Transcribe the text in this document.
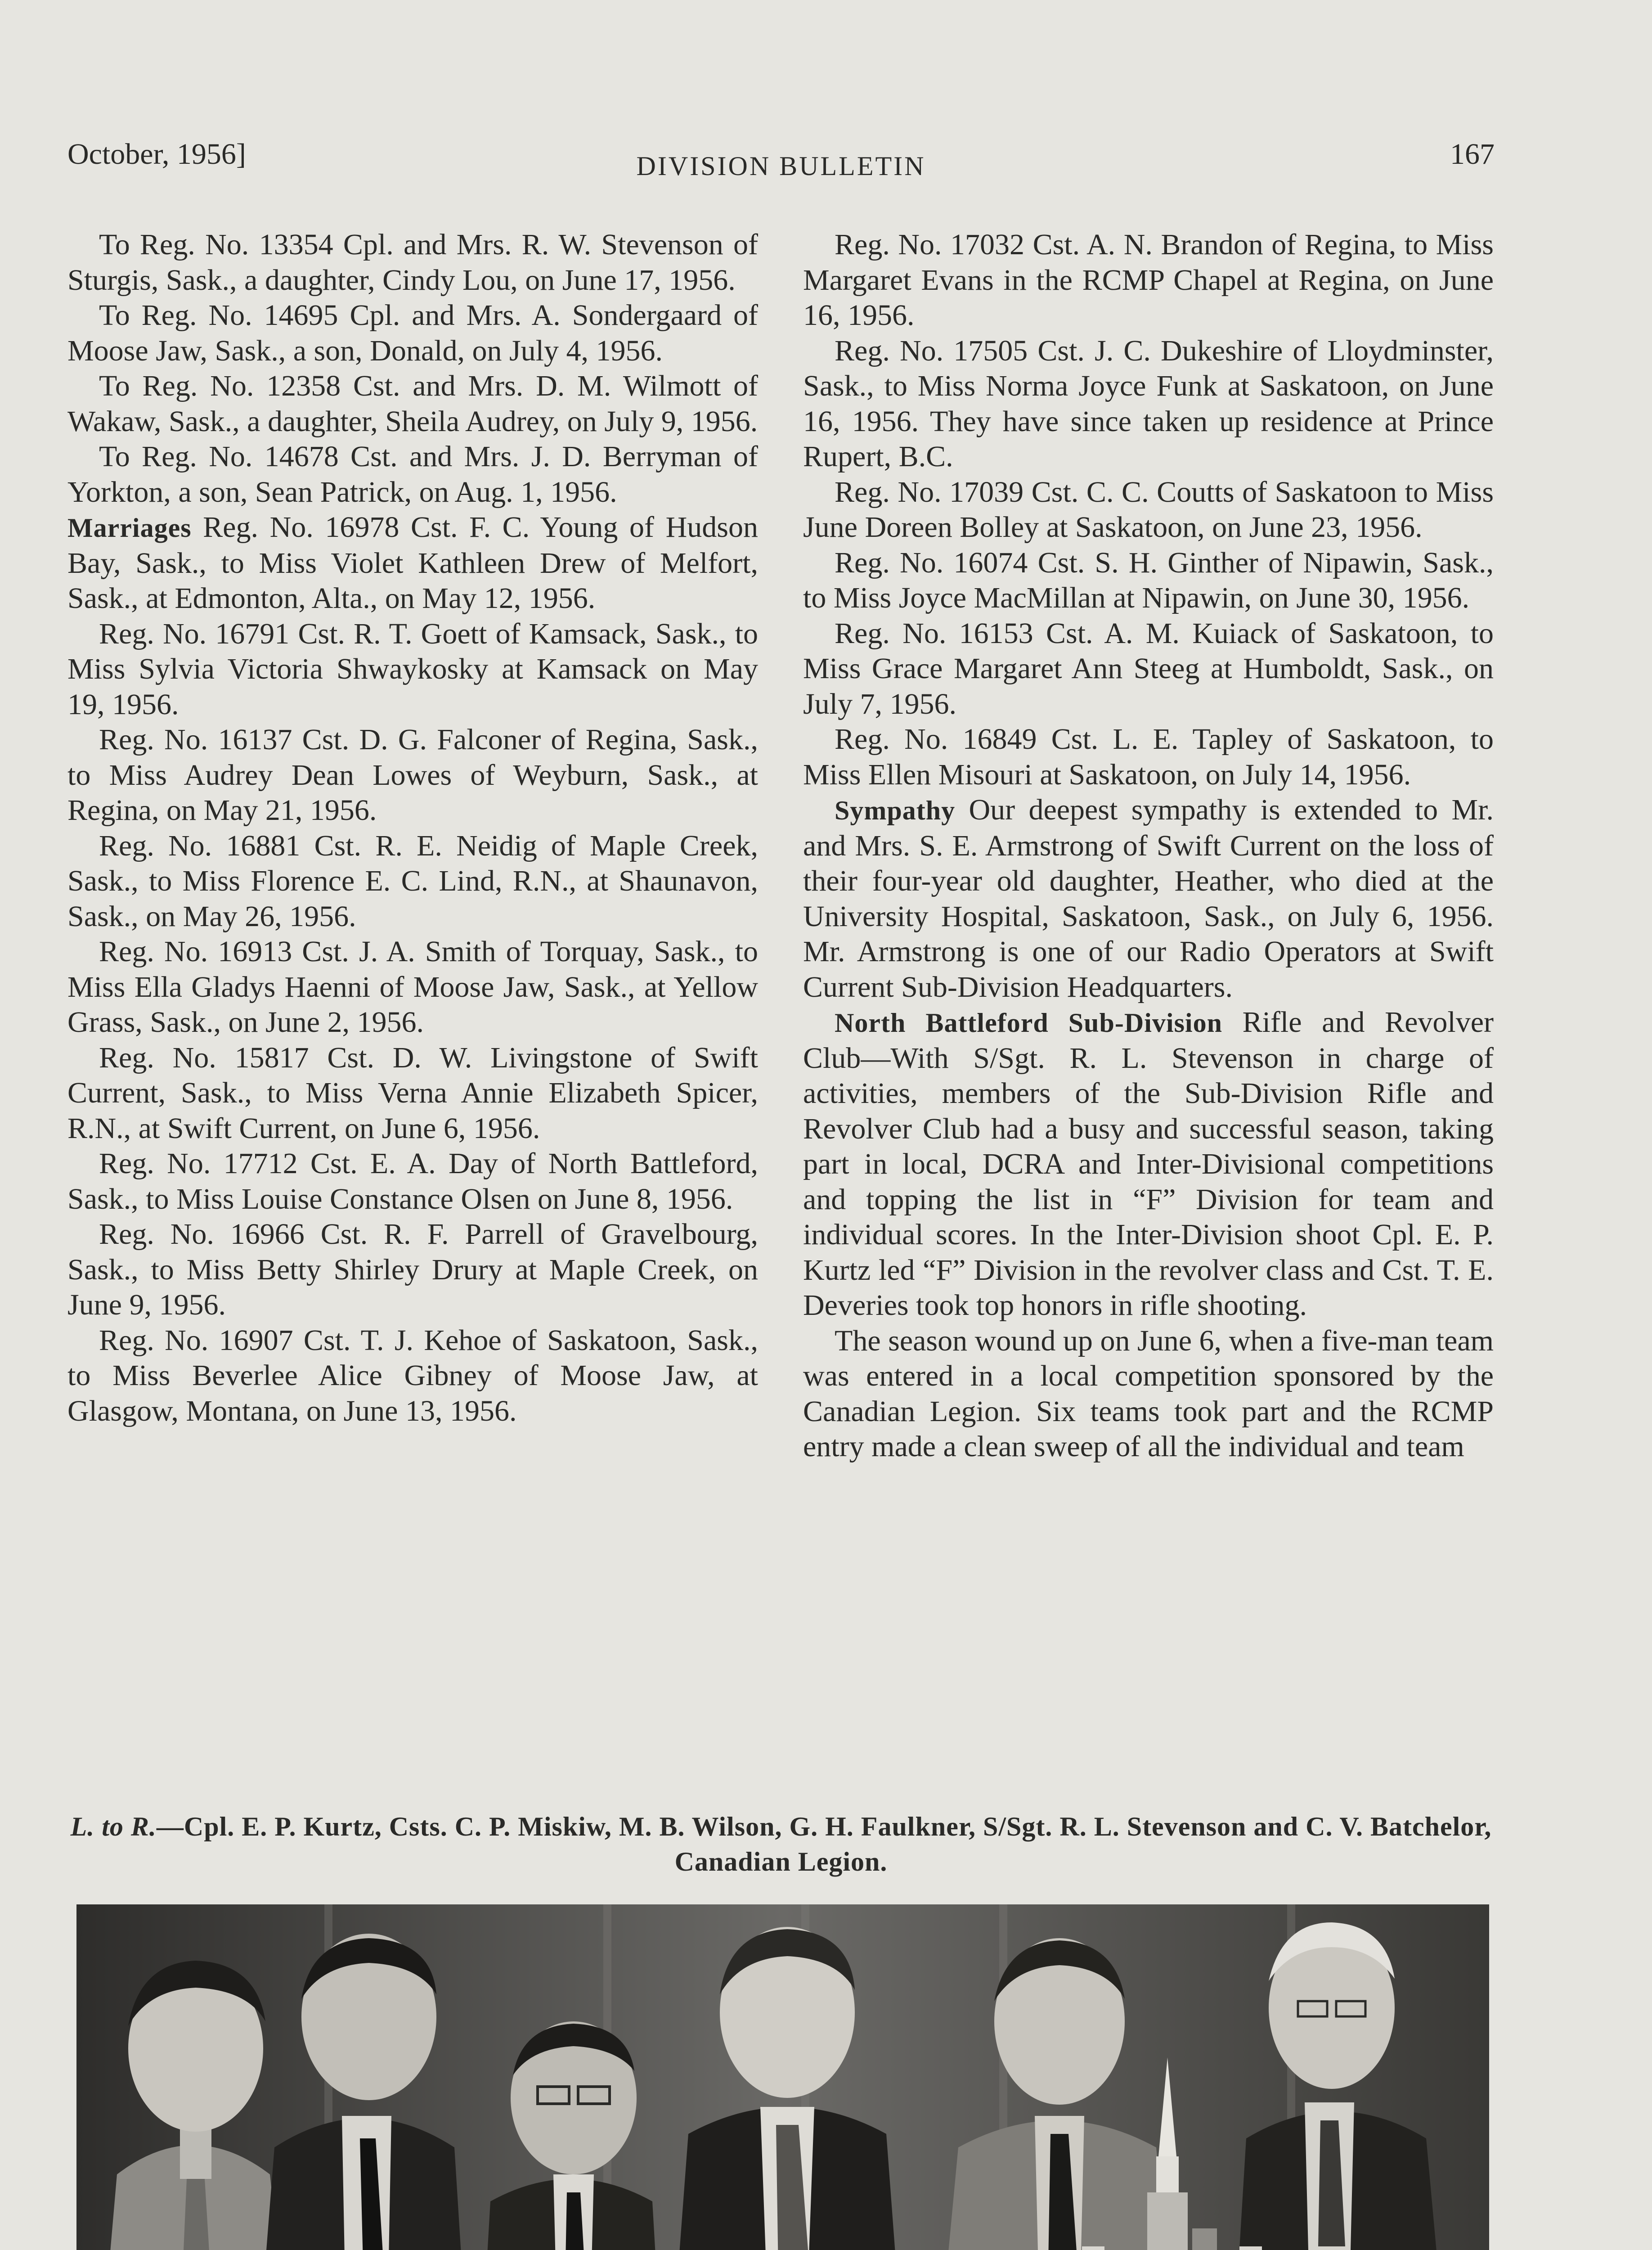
October, 1956]	DIVISION BULLETIN	167

To Reg. No. 13354 Cpl. and Mrs. R. W. Stevenson of Sturgis, Sask., a daughter, Cindy Lou, on June 17, 1956.

To Reg. No. 14695 Cpl. and Mrs. A. Sondergaard of Moose Jaw, Sask., a son, Donald, on July 4, 1956.

To Reg. No. 12358 Cst. and Mrs. D. M. Wilmott of Wakaw, Sask., a daughter, Sheila Audrey, on July 9, 1956.

To Reg. No. 14678 Cst. and Mrs. J. D. Berryman of Yorkton, a son, Sean Patrick, on Aug. 1, 1956.

Marriages Reg. No. 16978 Cst. F. C. Young of Hudson Bay, Sask., to Miss Violet Kathleen Drew of Melfort, Sask., at Edmonton, Alta., on May 12, 1956.

Reg. No. 16791 Cst. R. T. Goett of Kamsack, Sask., to Miss Sylvia Victoria Shwaykosky at Kamsack on May 19, 1956.

Reg. No. 16137 Cst. D. G. Falconer of Regina, Sask., to Miss Audrey Dean Lowes of Weyburn, Sask., at Regina, on May 21, 1956.

Reg. No. 16881 Cst. R. E. Neidig of Maple Creek, Sask., to Miss Florence E. C. Lind, R.N., at Shaunavon, Sask., on May 26, 1956.

Reg. No. 16913 Cst. J. A. Smith of Torquay, Sask., to Miss Ella Gladys Haenni of Moose Jaw, Sask., at Yellow Grass, Sask., on June 2, 1956.

Reg. No. 15817 Cst. D. W. Livingstone of Swift Current, Sask., to Miss Verna Annie Elizabeth Spicer, R.N., at Swift Current, on June 6, 1956.

Reg. No. 17712 Cst. E. A. Day of North Battleford, Sask., to Miss Louise Constance Olsen on June 8, 1956.

Reg. No. 16966 Cst. R. F. Parrell of Gravelbourg, Sask., to Miss Betty Shirley Drury at Maple Creek, on June 9, 1956.

Reg. No. 16907 Cst. T. J. Kehoe of Saskatoon, Sask., to Miss Beverlee Alice Gibney of Moose Jaw, at Glasgow, Montana, on June 13, 1956.

Reg. No. 17032 Cst. A. N. Brandon of Regina, to Miss Margaret Evans in the RCMP Chapel at Regina, on June 16, 1956.

Reg. No. 17505 Cst. J. C. Dukeshire of Lloydminster, Sask., to Miss Norma Joyce Funk at Saskatoon, on June 16, 1956. They have since taken up residence at Prince Rupert, B.C.

Reg. No. 17039 Cst. C. C. Coutts of Saskatoon to Miss June Doreen Bolley at Saskatoon, on June 23, 1956.

Reg. No. 16074 Cst. S. H. Ginther of Nipawin, Sask., to Miss Joyce MacMillan at Nipawin, on June 30, 1956.

Reg. No. 16153 Cst. A. M. Kuiack of Saskatoon, to Miss Grace Margaret Ann Steeg at Humboldt, Sask., on July 7, 1956.

Reg. No. 16849 Cst. L. E. Tapley of Saskatoon, to Miss Ellen Misouri at Saskatoon, on July 14, 1956.

Sympathy Our deepest sympathy is extended to Mr. and Mrs. S. E. Armstrong of Swift Current on the loss of their four-year old daughter, Heather, who died at the University Hospital, Saskatoon, Sask., on July 6, 1956. Mr. Armstrong is one of our Radio Operators at Swift Current Sub-Division Headquarters.

North Battleford Sub-Division Rifle and Revolver Club—With S/Sgt. R. L. Stevenson in charge of activities, members of the Sub-Division Rifle and Revolver Club had a busy and successful season, taking part in local, DCRA and Inter-Divisional competitions and topping the list in “F” Division for team and individual scores. In the Inter-Division shoot Cpl. E. P. Kurtz led “F” Division in the revolver class and Cst. T. E. Deveries took top honors in rifle shooting.

The season wound up on June 6, when a five-man team was entered in a local competition sponsored by the Canadian Legion. Six teams took part and the RCMP entry made a clean sweep of all the individual and team

L. to R.—Cpl. E. P. Kurtz, Csts. C. P. Miskiw, M. B. Wilson, G. H. Faulkner, S/Sgt. R. L. Stevenson and C. V. Batchelor, Canadian Legion.
